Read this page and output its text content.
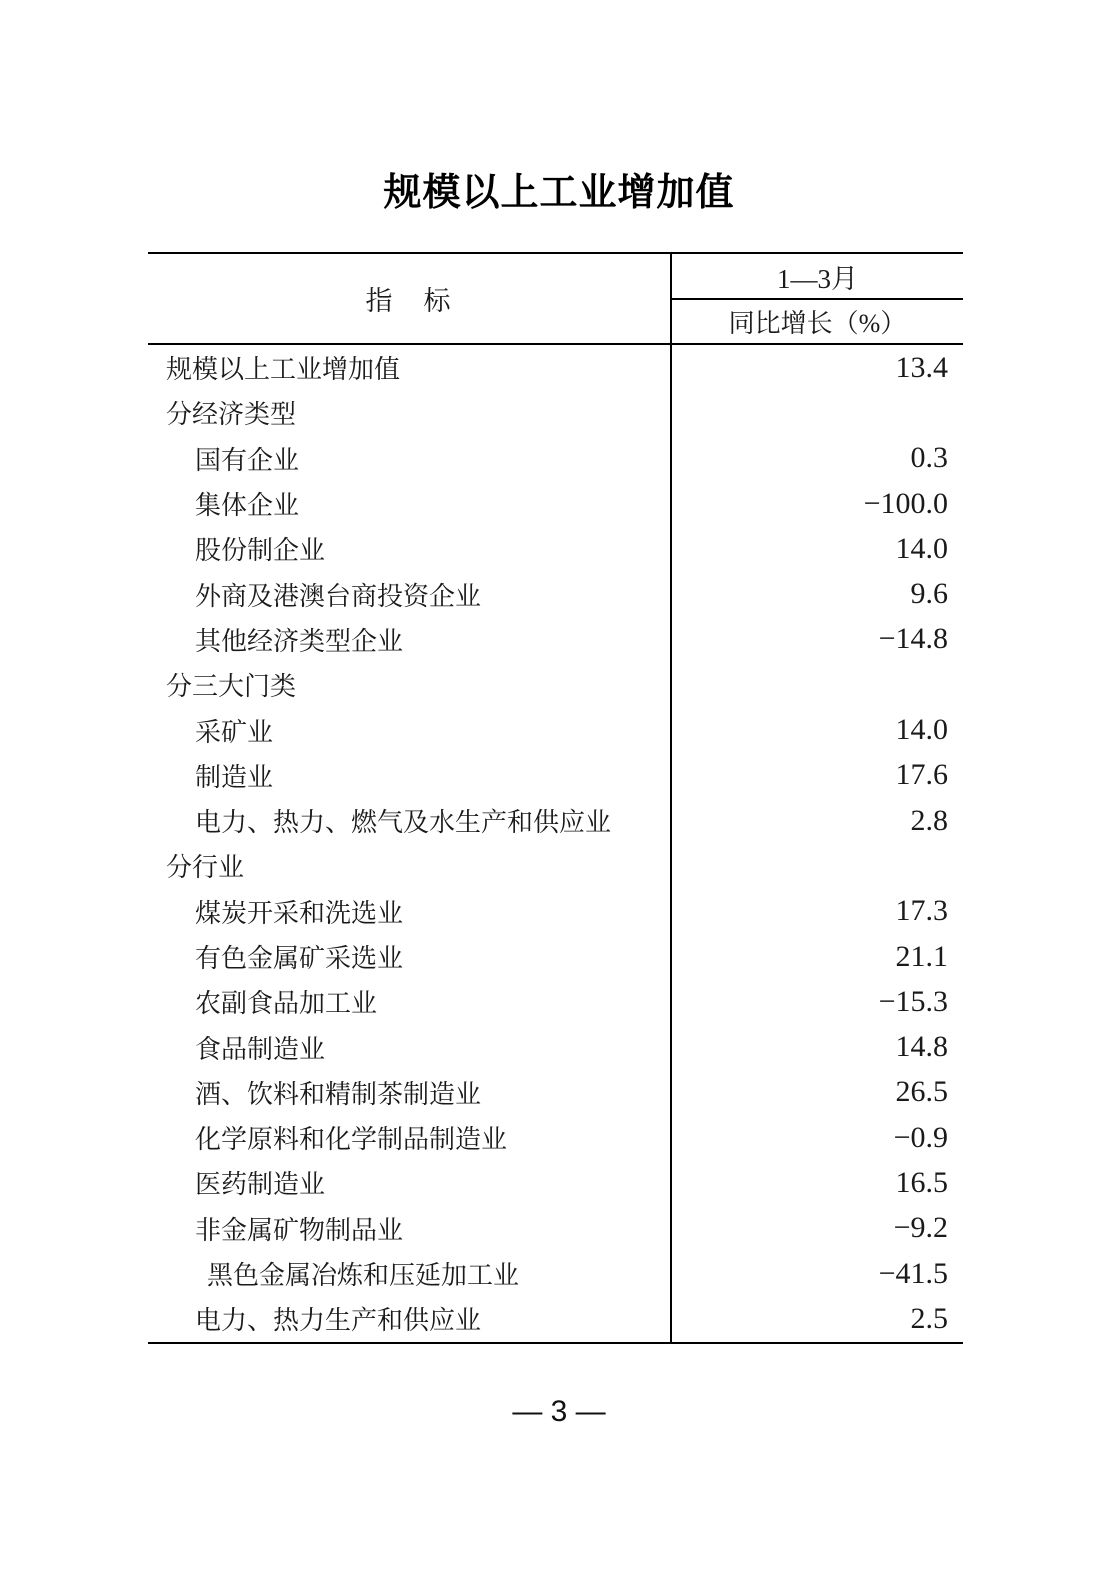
规模以上工业增加值
指　标
1—3月
同比增长（%）
规模以上工业增加值	13.4
分经济类型
国有企业	0.3
集体企业	−100.0
股份制企业	14.0
外商及港澳台商投资企业	9.6
其他经济类型企业	−14.8
分三大门类
采矿业	14.0
制造业	17.6
电力、热力、燃气及水生产和供应业	2.8
分行业
煤炭开采和洗选业	17.3
有色金属矿采选业	21.1
农副食品加工业	−15.3
食品制造业	14.8
酒、饮料和精制茶制造业	26.5
化学原料和化学制品制造业	−0.9
医药制造业	16.5
非金属矿物制品业	−9.2
黑色金属冶炼和压延加工业	−41.5
电力、热力生产和供应业	2.5
— 3 —
